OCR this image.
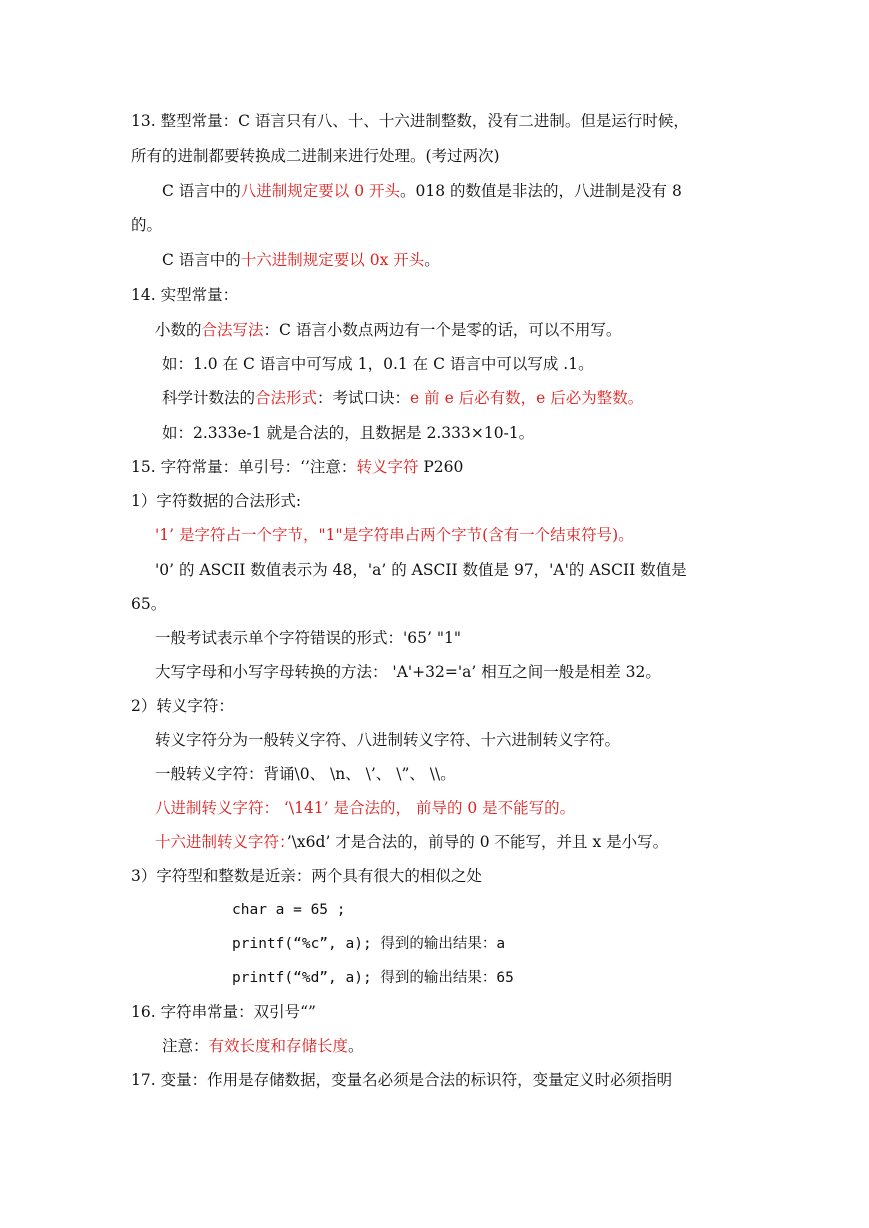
13. 整型常量：C 语言只有八、十、十六进制整数，没有二进制。但是运行时候，
所有的进制都要转换成二进制来进行处理。(考过两次)
C 语言中的八进制规定要以 0 开头。018 的数值是非法的，八进制是没有 8
的。
C 语言中的十六进制规定要以 0x 开头。
14. 实型常量：
小数的合法写法：C 语言小数点两边有一个是零的话，可以不用写。
如：1.0 在 C 语言中可写成 1，0.1 在 C 语言中可以写成 .1。
科学计数法的合法形式：考试口诀：e 前 e 后必有数，e 后必为整数。
如：2.333e-1 就是合法的，且数据是 2.333×10-1。
15. 字符常量：单引号：‘’注意：转义字符 P260
1）字符数据的合法形式:
'1’ 是字符占一个字节，"1"是字符串占两个字节(含有一个结束符号)。
'0’ 的 ASCII 数值表示为 48，'a’ 的 ASCII 数值是 97，'A'的 ASCII 数值是
65。
一般考试表示单个字符错误的形式：'65’ "1"
大写字母和小写字母转换的方法： 'A'+32='a’ 相互之间一般是相差 32。
2）转义字符：
转义字符分为一般转义字符、八进制转义字符、十六进制转义字符。
一般转义字符：背诵\0、 \n、 \’、 \”、 \\。
八进制转义字符： ‘\141’ 是合法的， 前导的 0 是不能写的。
十六进制转义字符：’\x6d’ 才是合法的，前导的 0 不能写，并且 x 是小写。
3）字符型和整数是近亲：两个具有很大的相似之处
char a = 65 ;
printf(“%c”, a); 得到的输出结果：a
printf(“%d”, a); 得到的输出结果：65
16. 字符串常量：双引号“”
注意：有效长度和存储长度。
17. 变量：作用是存储数据，变量名必须是合法的标识符，变量定义时必须指明
